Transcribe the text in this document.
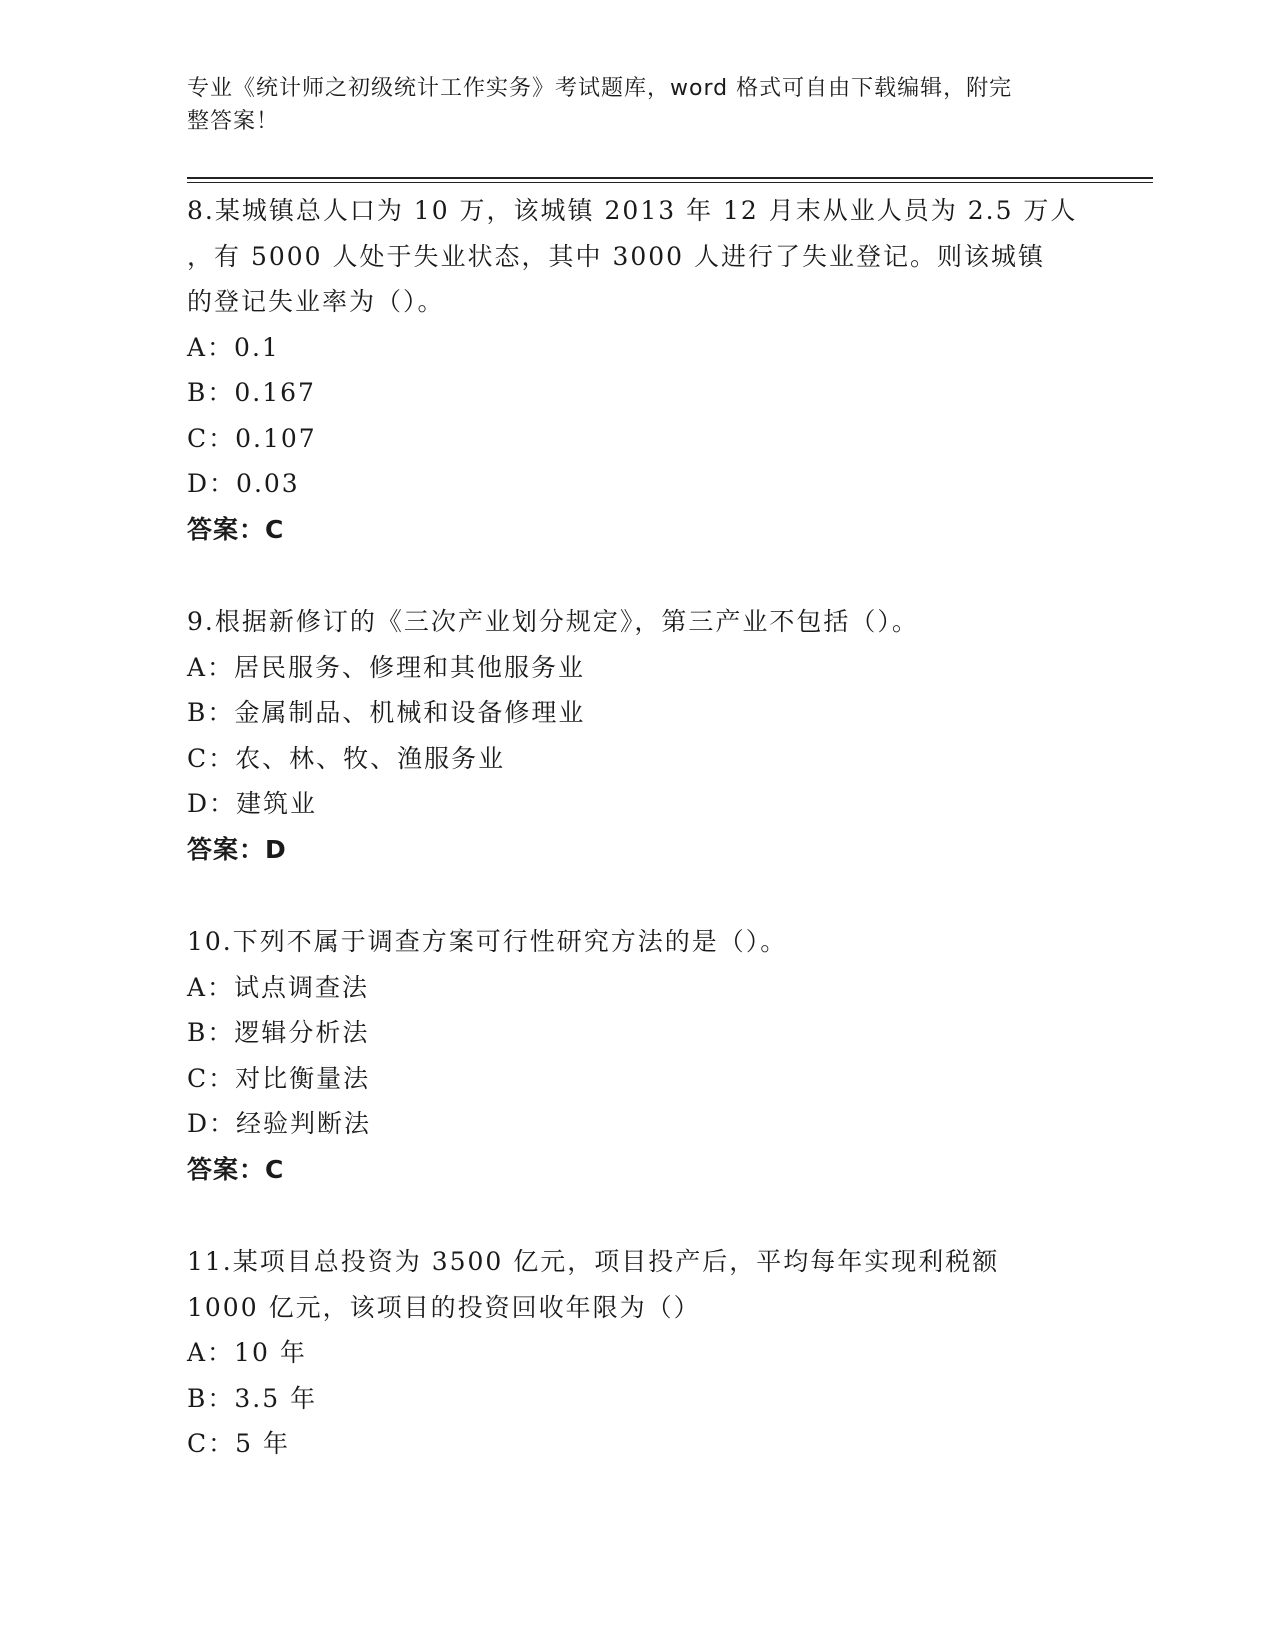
专业《统计师之初级统计工作实务》考试题库，word 格式可自由下载编辑，附完
整答案！

8.某城镇总人口为 10 万，该城镇 2013 年 12 月末从业人员为 2.5 万人

，有 5000 人处于失业状态，其中 3000 人进行了失业登记。则该城镇

的登记失业率为（）。

A：0.1

B：0.167

C：0.107

D：0.03

答案：C

9.根据新修订的《三次产业划分规定》，第三产业不包括（）。

A：居民服务、修理和其他服务业

B：金属制品、机械和设备修理业

C：农、林、牧、渔服务业

D：建筑业

答案：D

10.下列不属于调查方案可行性研究方法的是（）。

A：试点调查法

B：逻辑分析法

C：对比衡量法

D：经验判断法

答案：C

11.某项目总投资为 3500 亿元，项目投产后，平均每年实现利税额

1000 亿元，该项目的投资回收年限为（）

A：10 年

B：3.5 年

C：5 年
